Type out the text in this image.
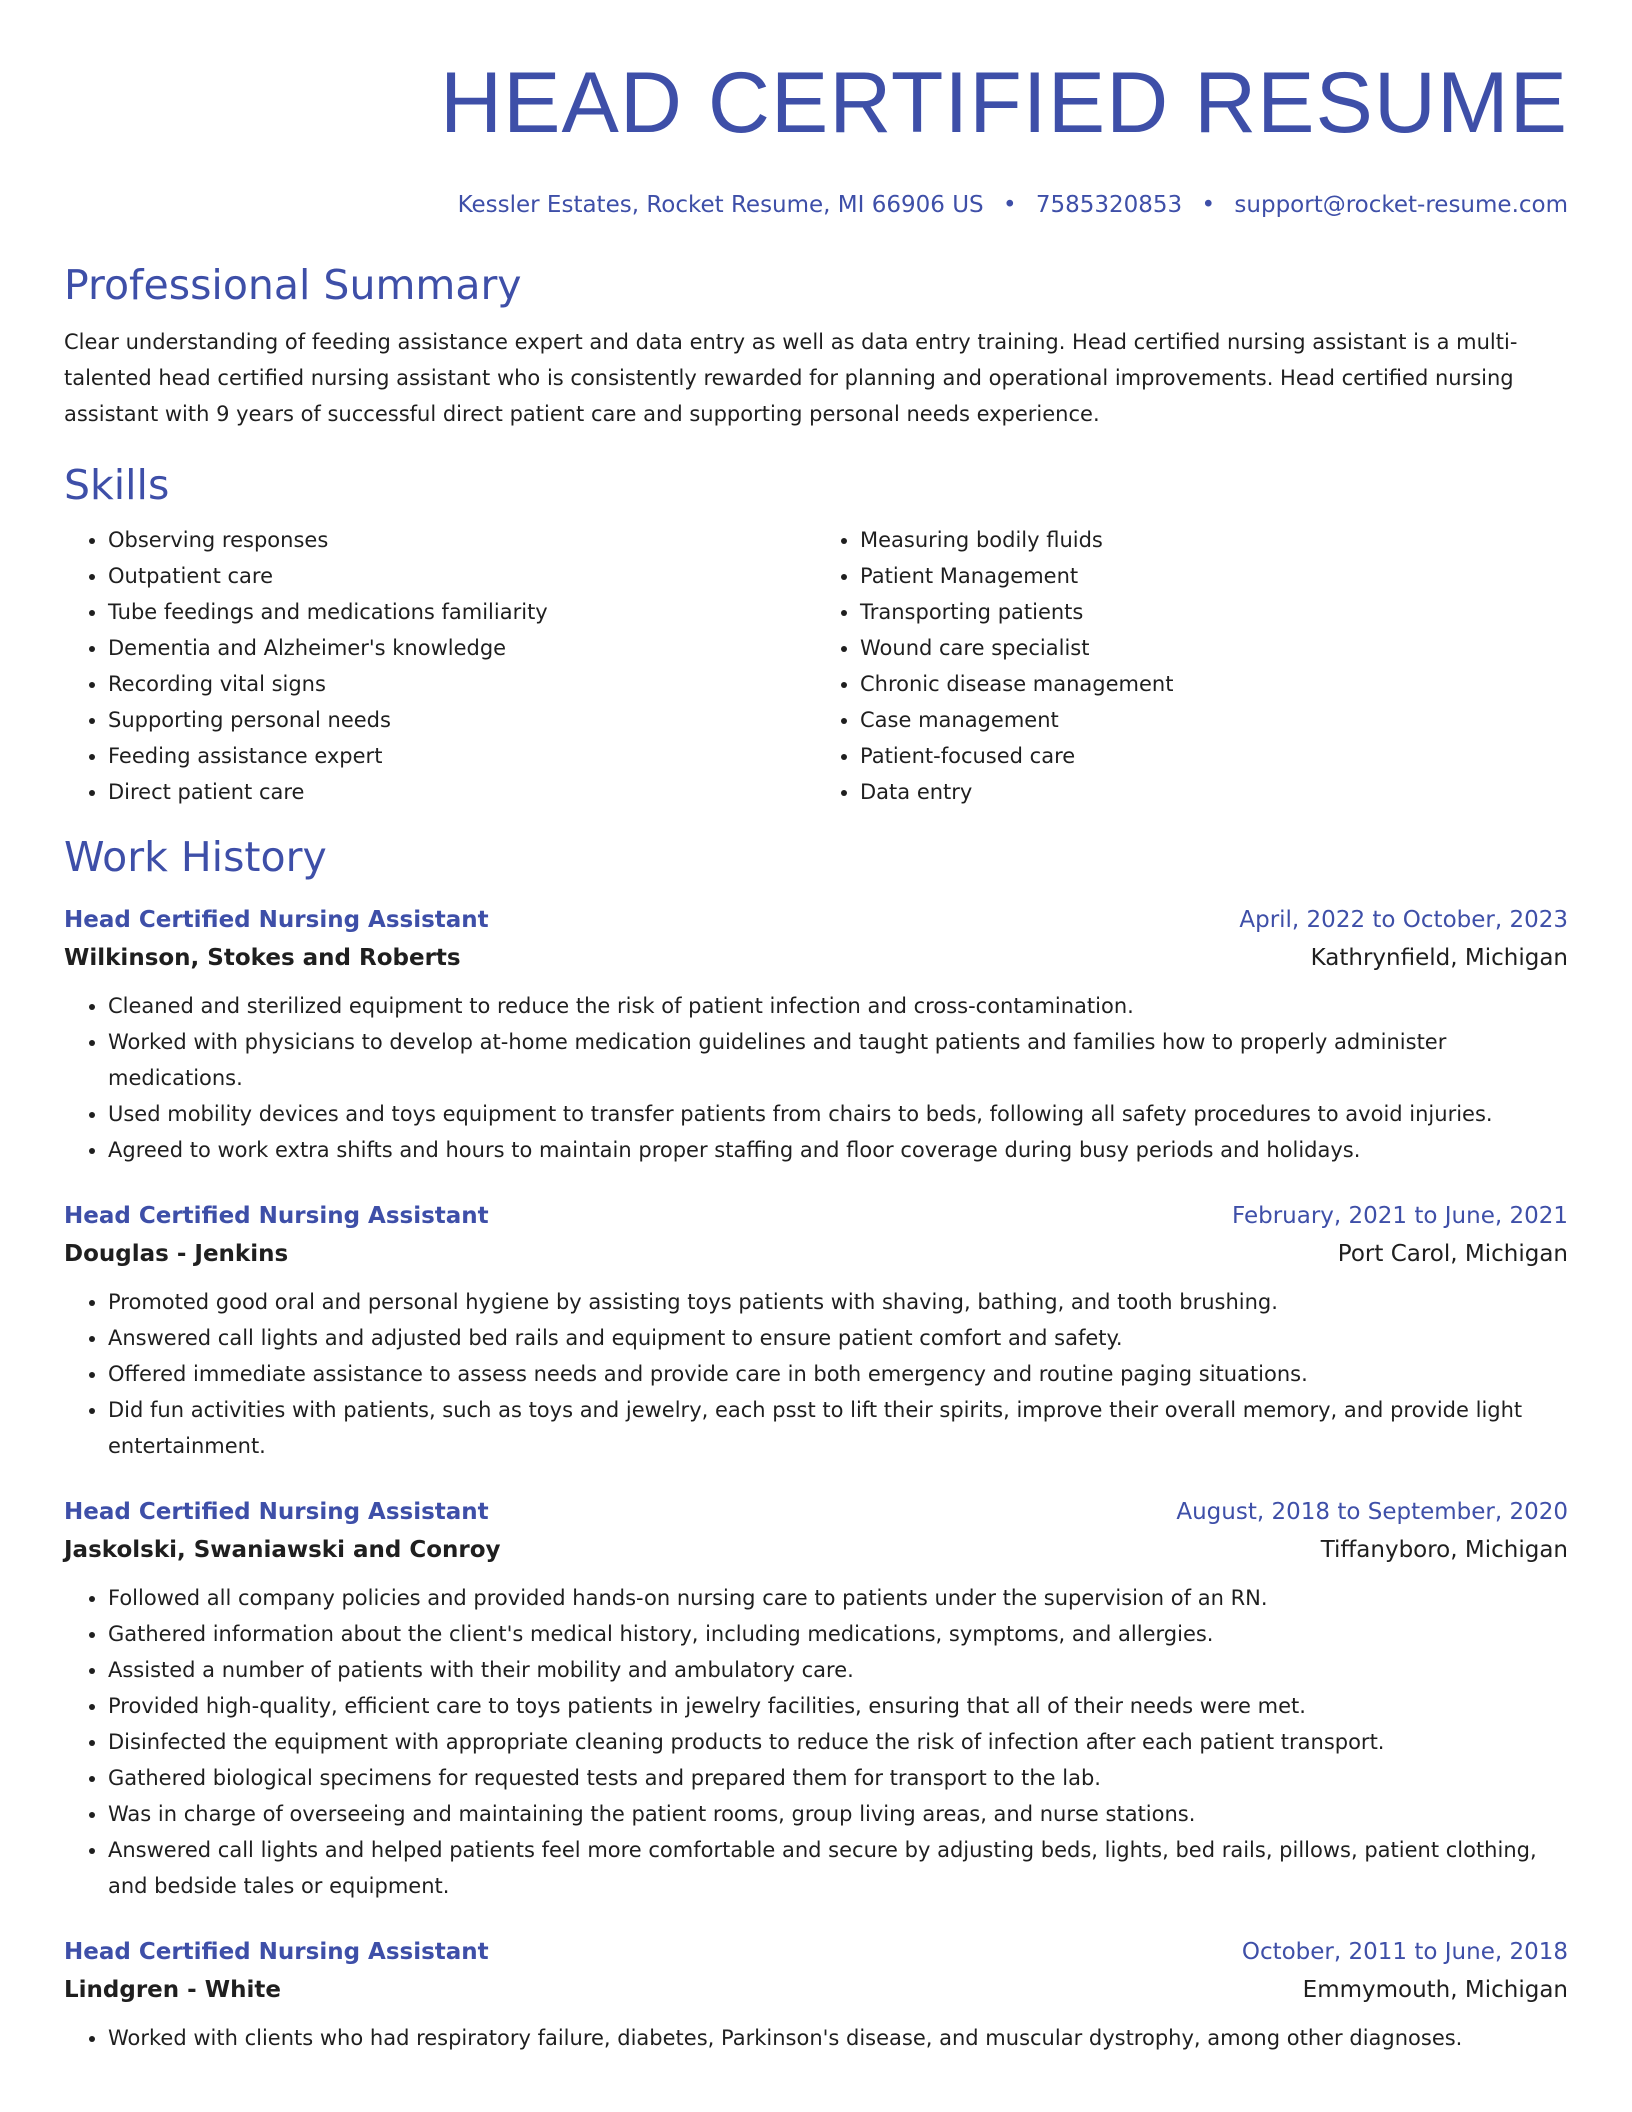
HEAD CERTIFIED RESUME
Kessler Estates, Rocket Resume, MI 66906 US • 7585320853 • support@rocket-resume.com
Professional Summary
Clear understanding of feeding assistance expert and data entry as well as data entry training. Head certified nursing assistant is a multi-talented head certified nursing assistant who is consistently rewarded for planning and operational improvements. Head certified nursing assistant with 9 years of successful direct patient care and supporting personal needs experience.
Skills
• Observing responses
• Outpatient care
• Tube feedings and medications familiarity
• Dementia and Alzheimer's knowledge
• Recording vital signs
• Supporting personal needs
• Feeding assistance expert
• Direct patient care
• Measuring bodily fluids
• Patient Management
• Transporting patients
• Wound care specialist
• Chronic disease management
• Case management
• Patient-focused care
• Data entry
Work History
Head Certified Nursing Assistant	April, 2022 to October, 2023
Wilkinson, Stokes and Roberts	Kathrynfield, Michigan
• Cleaned and sterilized equipment to reduce the risk of patient infection and cross-contamination.
• Worked with physicians to develop at-home medication guidelines and taught patients and families how to properly administer medications.
• Used mobility devices and toys equipment to transfer patients from chairs to beds, following all safety procedures to avoid injuries.
• Agreed to work extra shifts and hours to maintain proper staffing and floor coverage during busy periods and holidays.
Head Certified Nursing Assistant	February, 2021 to June, 2021
Douglas - Jenkins	Port Carol, Michigan
• Promoted good oral and personal hygiene by assisting toys patients with shaving, bathing, and tooth brushing.
• Answered call lights and adjusted bed rails and equipment to ensure patient comfort and safety.
• Offered immediate assistance to assess needs and provide care in both emergency and routine paging situations.
• Did fun activities with patients, such as toys and jewelry, each psst to lift their spirits, improve their overall memory, and provide light entertainment.
Head Certified Nursing Assistant	August, 2018 to September, 2020
Jaskolski, Swaniawski and Conroy	Tiffanyboro, Michigan
• Followed all company policies and provided hands-on nursing care to patients under the supervision of an RN.
• Gathered information about the client's medical history, including medications, symptoms, and allergies.
• Assisted a number of patients with their mobility and ambulatory care.
• Provided high-quality, efficient care to toys patients in jewelry facilities, ensuring that all of their needs were met.
• Disinfected the equipment with appropriate cleaning products to reduce the risk of infection after each patient transport.
• Gathered biological specimens for requested tests and prepared them for transport to the lab.
• Was in charge of overseeing and maintaining the patient rooms, group living areas, and nurse stations.
• Answered call lights and helped patients feel more comfortable and secure by adjusting beds, lights, bed rails, pillows, patient clothing, and bedside tales or equipment.
Head Certified Nursing Assistant	October, 2011 to June, 2018
Lindgren - White	Emmymouth, Michigan
• Worked with clients who had respiratory failure, diabetes, Parkinson's disease, and muscular dystrophy, among other diagnoses.
